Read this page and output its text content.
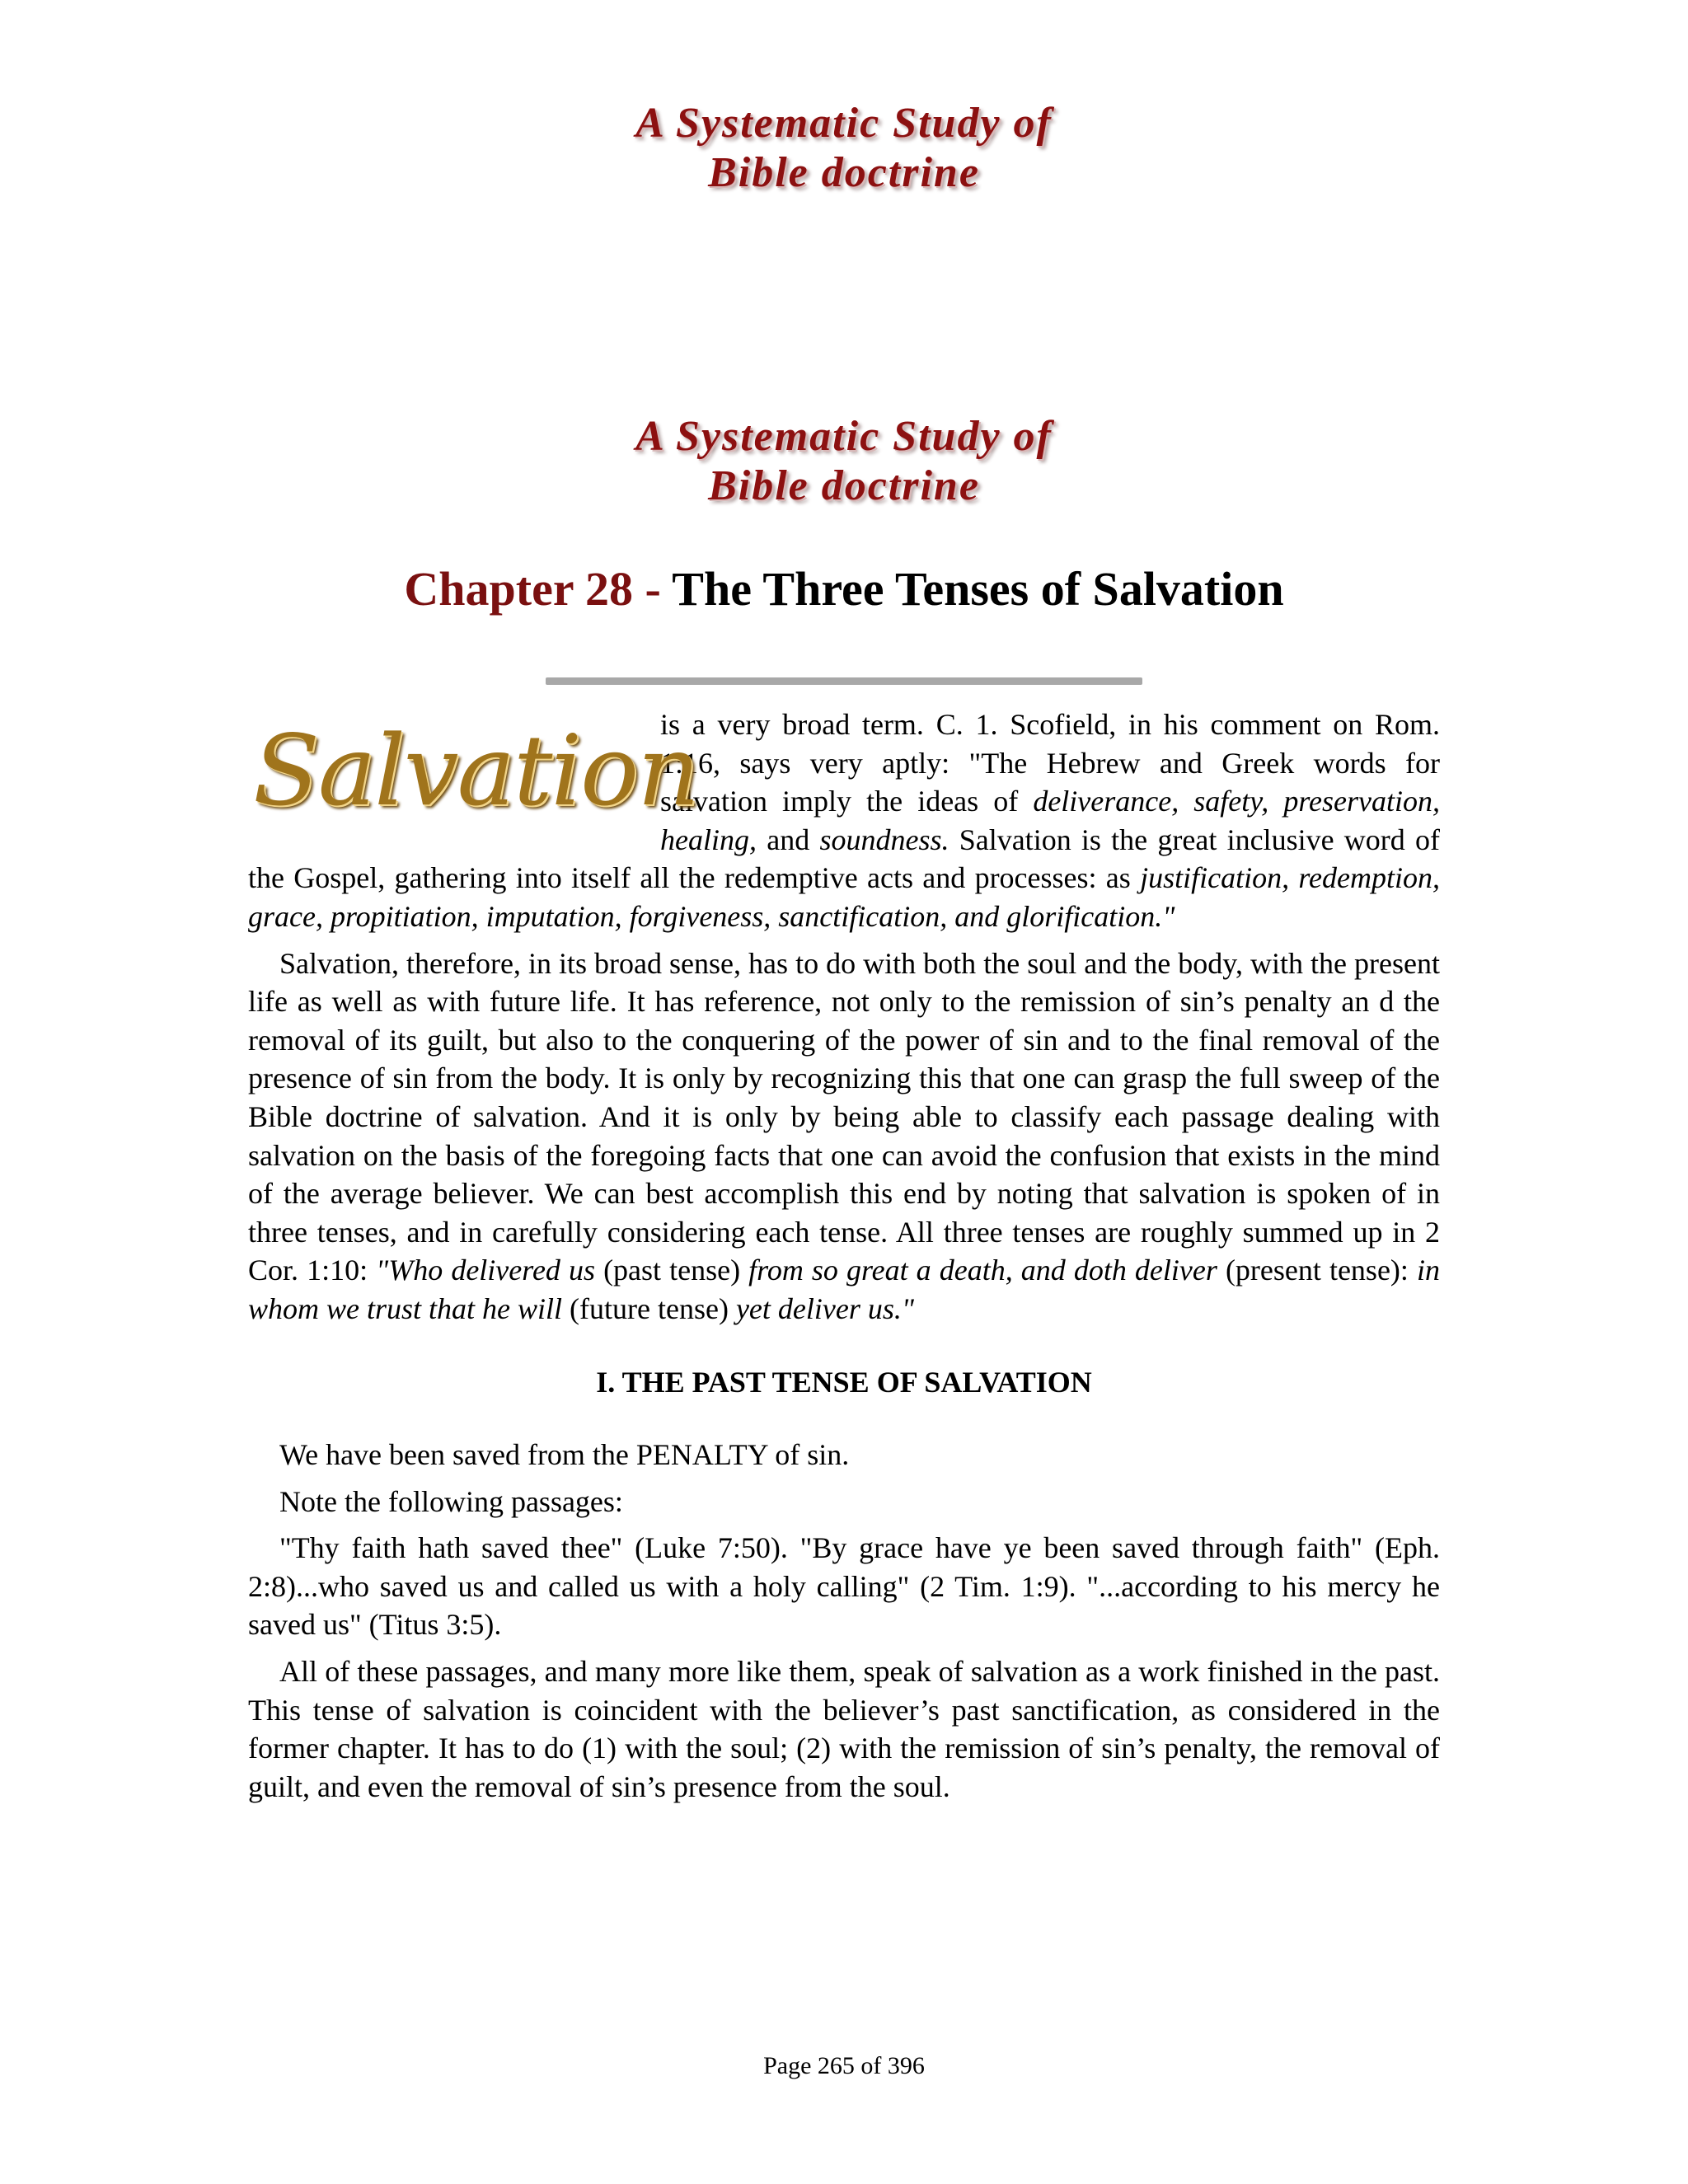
A Systematic Study of
Bible doctrine
A Systematic Study of
Bible doctrine
Chapter 28 - The Three Tenses of Salvation

Salvation
is a very broad term. C. 1. Scofield, in his comment on Rom. 1:16, says very aptly: "The Hebrew and Greek words for salvation imply the ideas of deliverance, safety, preservation, healing, and soundness. Salvation is the great inclusive word of the Gospel, gathering into itself all the redemptive acts and processes: as justification, redemption, grace, propitiation, imputation, forgiveness, sanctification, and glorification."

Salvation, therefore, in its broad sense, has to do with both the soul and the body, with the present life as well as with future life. It has reference, not only to the remission of sin’s penalty an d the removal of its guilt, but also to the conquering of the power of sin and to the final removal of the presence of sin from the body. It is only by recognizing this that one can grasp the full sweep of the Bible doctrine of salvation. And it is only by being able to classify each passage dealing with salvation on the basis of the foregoing facts that one can avoid the confusion that exists in the mind of the average believer. We can best accomplish this end by noting that salvation is spoken of in three tenses, and in carefully considering each tense. All three tenses are roughly summed up in 2 Cor. 1:10: "Who delivered us (past tense) from so great a death, and doth deliver (present tense): in whom we trust that he will (future tense) yet deliver us."

I. THE PAST TENSE OF SALVATION

We have been saved from the PENALTY of sin.

Note the following passages:

"Thy faith hath saved thee" (Luke 7:50). "By grace have ye been saved through faith" (Eph. 2:8)...who saved us and called us with a holy calling" (2 Tim. 1:9). "...according to his mercy he saved us" (Titus 3:5).

All of these passages, and many more like them, speak of salvation as a work finished in the past. This tense of salvation is coincident with the believer’s past sanctification, as considered in the former chapter. It has to do (1) with the soul; (2) with the remission of sin’s penalty, the removal of guilt, and even the removal of sin’s presence from the soul.

Page 265 of 396
